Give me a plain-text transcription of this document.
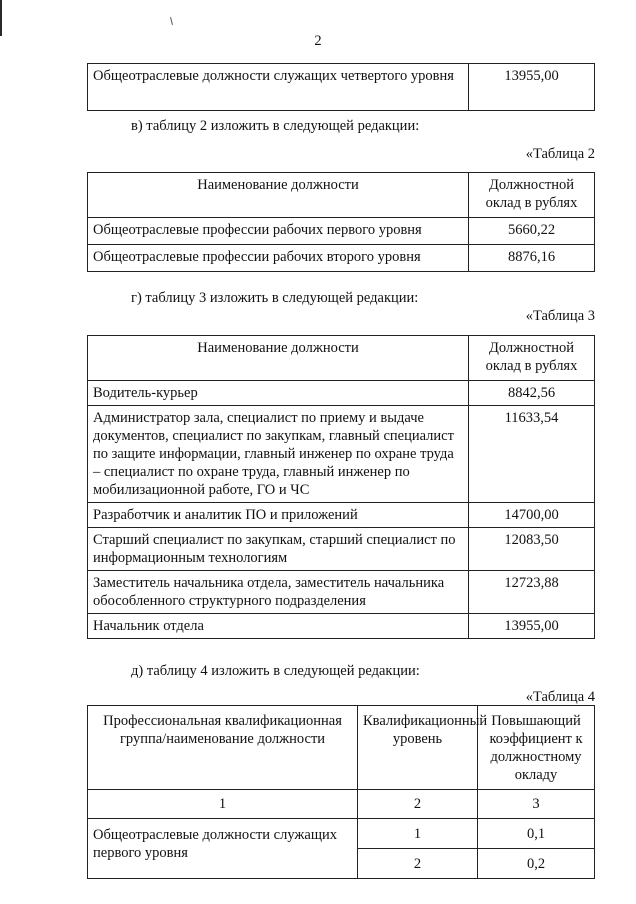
2
Общеотраслевые должности служащих четвертого уровня	13955,00
в) таблицу 2 изложить в следующей редакции:
«Таблица 2
Наименование должности	Должностной оклад в рублях
Общеотраслевые профессии рабочих первого уровня	5660,22
Общеотраслевые профессии рабочих второго уровня	8876,16
г) таблицу 3 изложить в следующей редакции:
«Таблица 3
Наименование должности	Должностной оклад в рублях
Водитель-курьер	8842,56
Администратор зала, специалист по приему и выдаче документов, специалист по закупкам, главный специалист по защите информации, главный инженер по охране труда – специалист по охране труда, главный инженер по мобилизационной работе, ГО и ЧС	11633,54
Разработчик и аналитик ПО и приложений	14700,00
Старший специалист по закупкам, старший специалист по информационным технологиям	12083,50
Заместитель начальника отдела, заместитель начальника обособленного структурного подразделения	12723,88
Начальник отдела	13955,00
д) таблицу 4 изложить в следующей редакции:
«Таблица 4
Профессиональная квалификационная группа/наименование должности	Квалификационный уровень	Повышающий коэффициент к должностному окладу
1	2	3
Общеотраслевые должности служащих первого уровня	1	0,1
	2	0,2
